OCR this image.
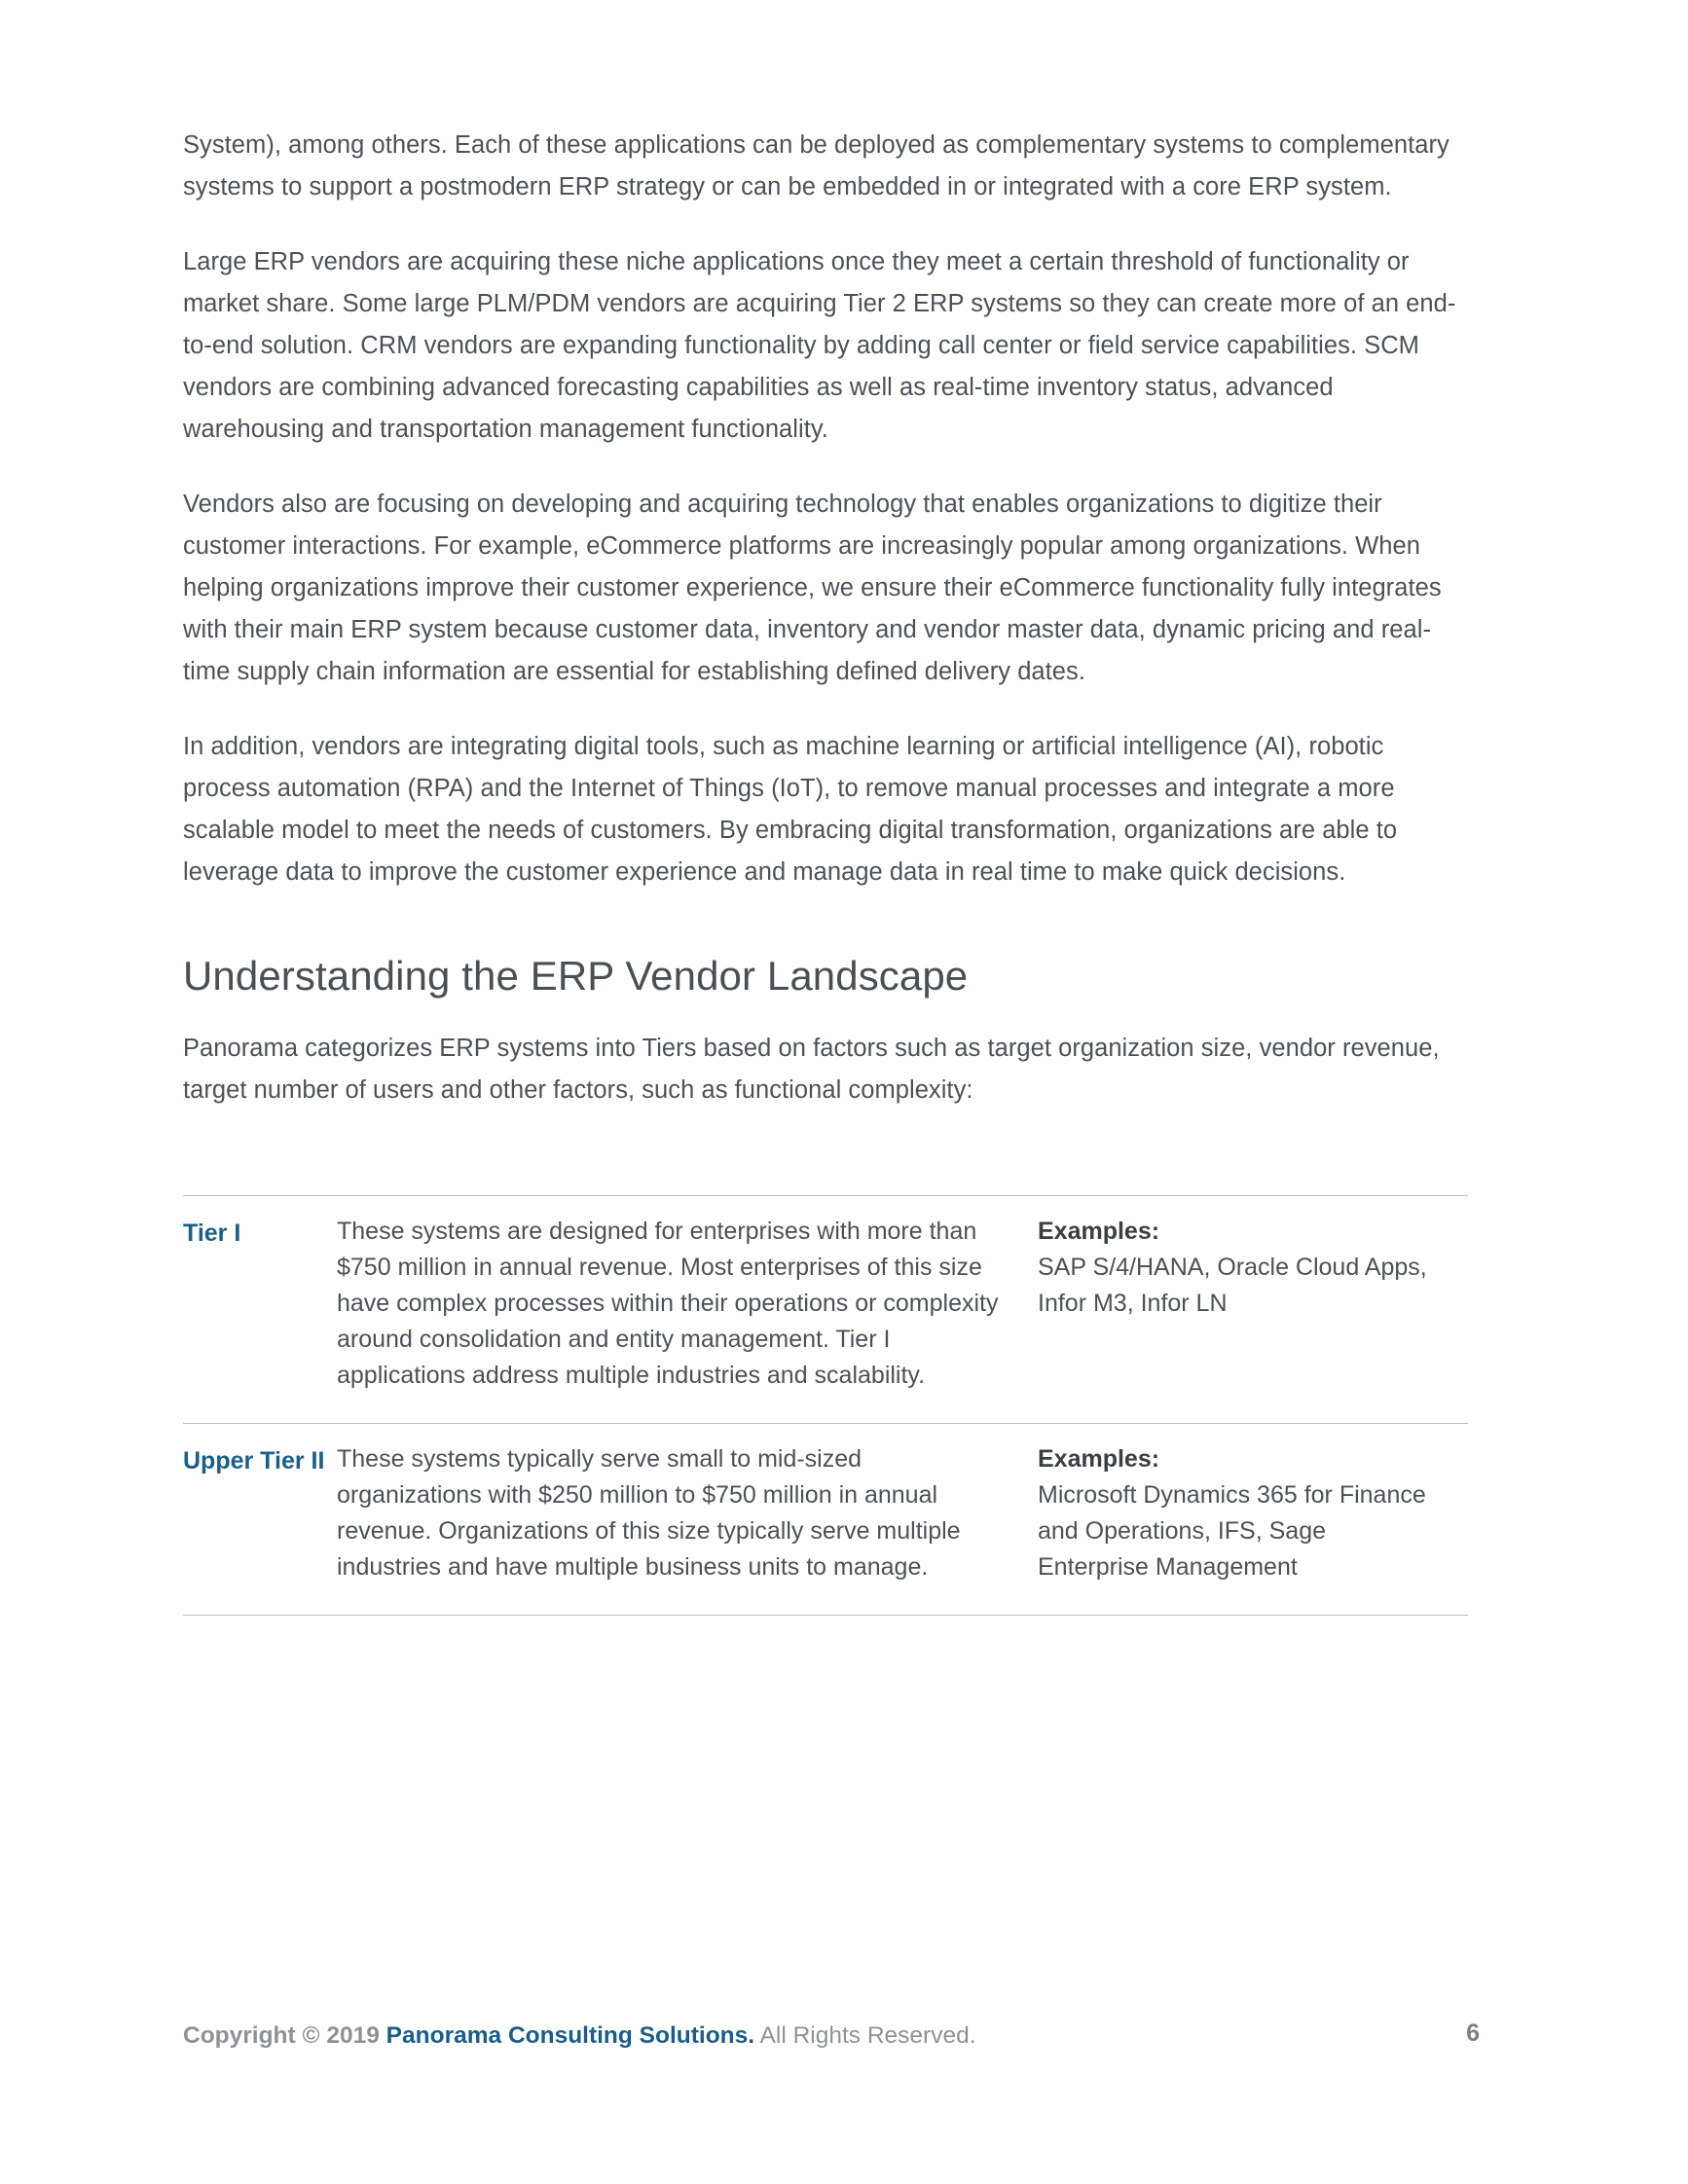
System), among others. Each of these applications can be deployed as complementary systems to complementary systems to support a postmodern ERP strategy or can be embedded in or integrated with a core ERP system.

Large ERP vendors are acquiring these niche applications once they meet a certain threshold of functionality or market share. Some large PLM/PDM vendors are acquiring Tier 2 ERP systems so they can create more of an end-to-end solution. CRM vendors are expanding functionality by adding call center or field service capabilities. SCM vendors are combining advanced forecasting capabilities as well as real-time inventory status, advanced warehousing and transportation management functionality.

Vendors also are focusing on developing and acquiring technology that enables organizations to digitize their customer interactions. For example, eCommerce platforms are increasingly popular among organizations. When helping organizations improve their customer experience, we ensure their eCommerce functionality fully integrates with their main ERP system because customer data, inventory and vendor master data, dynamic pricing and real-time supply chain information are essential for establishing defined delivery dates.

In addition, vendors are integrating digital tools, such as machine learning or artificial intelligence (AI), robotic process automation (RPA) and the Internet of Things (IoT), to remove manual processes and integrate a more scalable model to meet the needs of customers. By embracing digital transformation, organizations are able to leverage data to improve the customer experience and manage data in real time to make quick decisions.

Understanding the ERP Vendor Landscape

Panorama categorizes ERP systems into Tiers based on factors such as target organization size, vendor revenue, target number of users and other factors, such as functional complexity:

Tier I	These systems are designed for enterprises with more than $750 million in annual revenue. Most enterprises of this size have complex processes within their operations or complexity around consolidation and entity management. Tier I applications address multiple industries and scalability.
Examples:
SAP S/4/HANA, Oracle Cloud Apps, Infor M3, Infor LN
Upper Tier II These systems typically serve small to mid-sized organizations with $250 million to $750 million in annual revenue. Organizations of this size typically serve multiple industries and have multiple business units to manage.
Examples:
Microsoft Dynamics 365 for Finance and Operations, IFS, Sage Enterprise Management
Copyright © 2019 Panorama Consulting Solutions. All Rights Reserved.	6
